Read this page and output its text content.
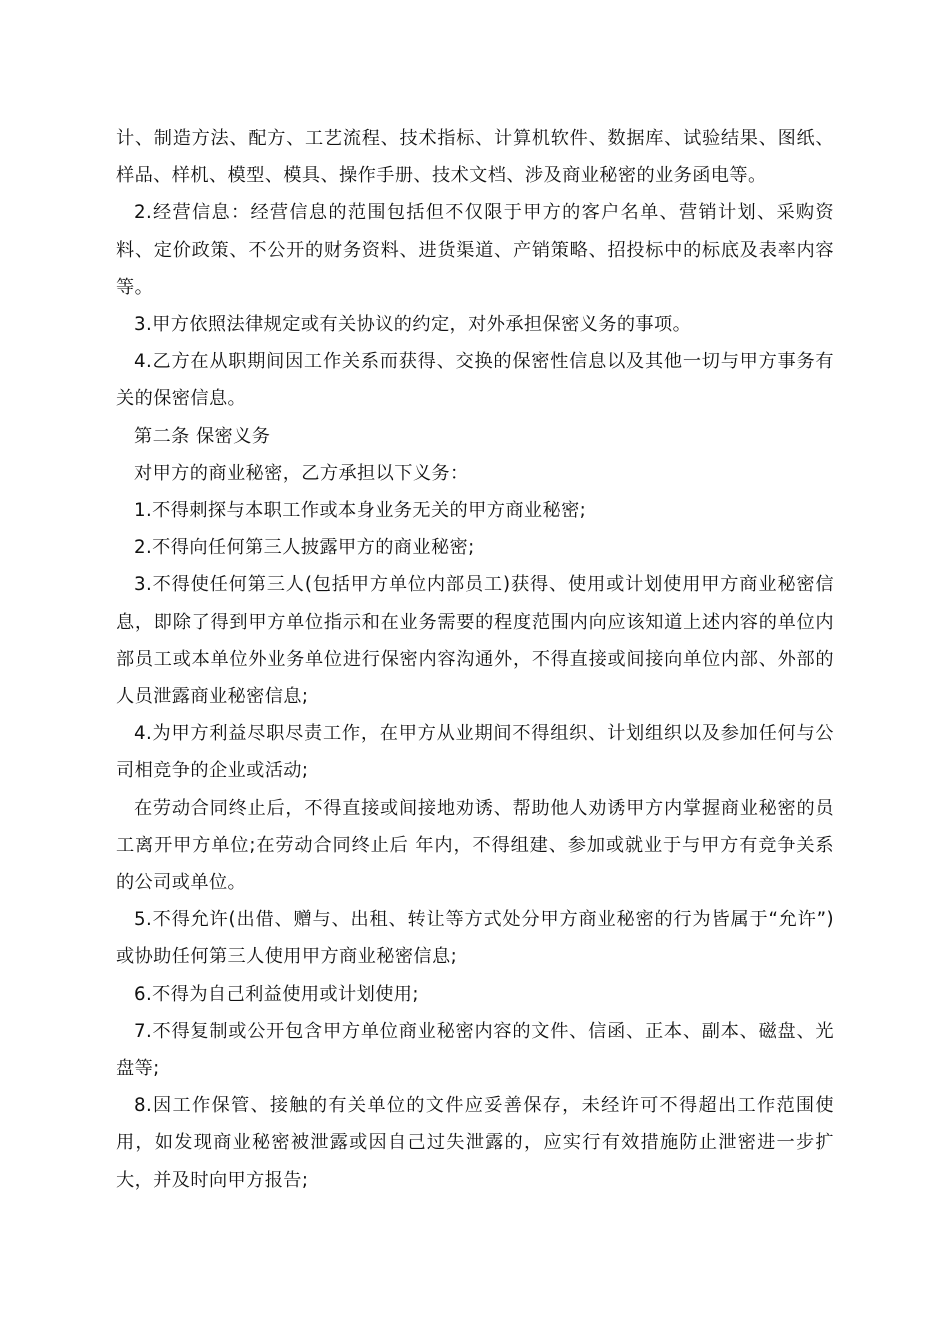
计、制造方法、配方、工艺流程、技术指标、计算机软件、数据库、试验结果、图纸、样品、样机、模型、模具、操作手册、技术文档、涉及商业秘密的业务函电等。

2.经营信息：经营信息的范围包括但不仅限于甲方的客户名单、营销计划、采购资料、定价政策、不公开的财务资料、进货渠道、产销策略、招投标中的标底及表率内容等。

3.甲方依照法律规定或有关协议的约定，对外承担保密义务的事项。

4.乙方在从职期间因工作关系而获得、交换的保密性信息以及其他一切与甲方事务有关的保密信息。

第二条 保密义务

对甲方的商业秘密，乙方承担以下义务：

1.不得刺探与本职工作或本身业务无关的甲方商业秘密;

2.不得向任何第三人披露甲方的商业秘密;

3.不得使任何第三人(包括甲方单位内部员工)获得、使用或计划使用甲方商业秘密信息，即除了得到甲方单位指示和在业务需要的程度范围内向应该知道上述内容的单位内部员工或本单位外业务单位进行保密内容沟通外，不得直接或间接向单位内部、外部的人员泄露商业秘密信息;

4.为甲方利益尽职尽责工作，在甲方从业期间不得组织、计划组织以及参加任何与公司相竞争的企业或活动;

在劳动合同终止后，不得直接或间接地劝诱、帮助他人劝诱甲方内掌握商业秘密的员工离开甲方单位;在劳动合同终止后 年内，不得组建、参加或就业于与甲方有竞争关系的公司或单位。

5.不得允许(出借、赠与、出租、转让等方式处分甲方商业秘密的行为皆属于“允许”)或协助任何第三人使用甲方商业秘密信息;

6.不得为自己利益使用或计划使用;

7.不得复制或公开包含甲方单位商业秘密内容的文件、信函、正本、副本、磁盘、光盘等;

8.因工作保管、接触的有关单位的文件应妥善保存，未经许可不得超出工作范围使用，如发现商业秘密被泄露或因自己过失泄露的，应实行有效措施防止泄密进一步扩大，并及时向甲方报告;
